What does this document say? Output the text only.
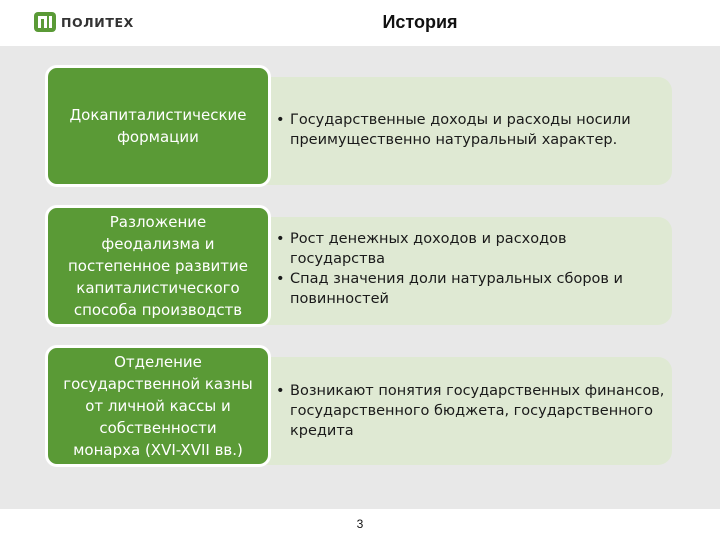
ПОЛИТЕХ	История
Докапиталистические
формации
• Государственные доходы и расходы носили преимущественно натуральный характер.
Разложение
феодализма и
постепенное развитие
капиталистического
способа производств
• Рост денежных доходов и расходов государства
• Спад значения доли натуральных сборов и повинностей
Отделение
государственной казны
от личной кассы и
собственности
монарха (XVI-XVII вв.)
• Возникают понятия государственных финансов, государственного бюджета, государственного кредита
3
